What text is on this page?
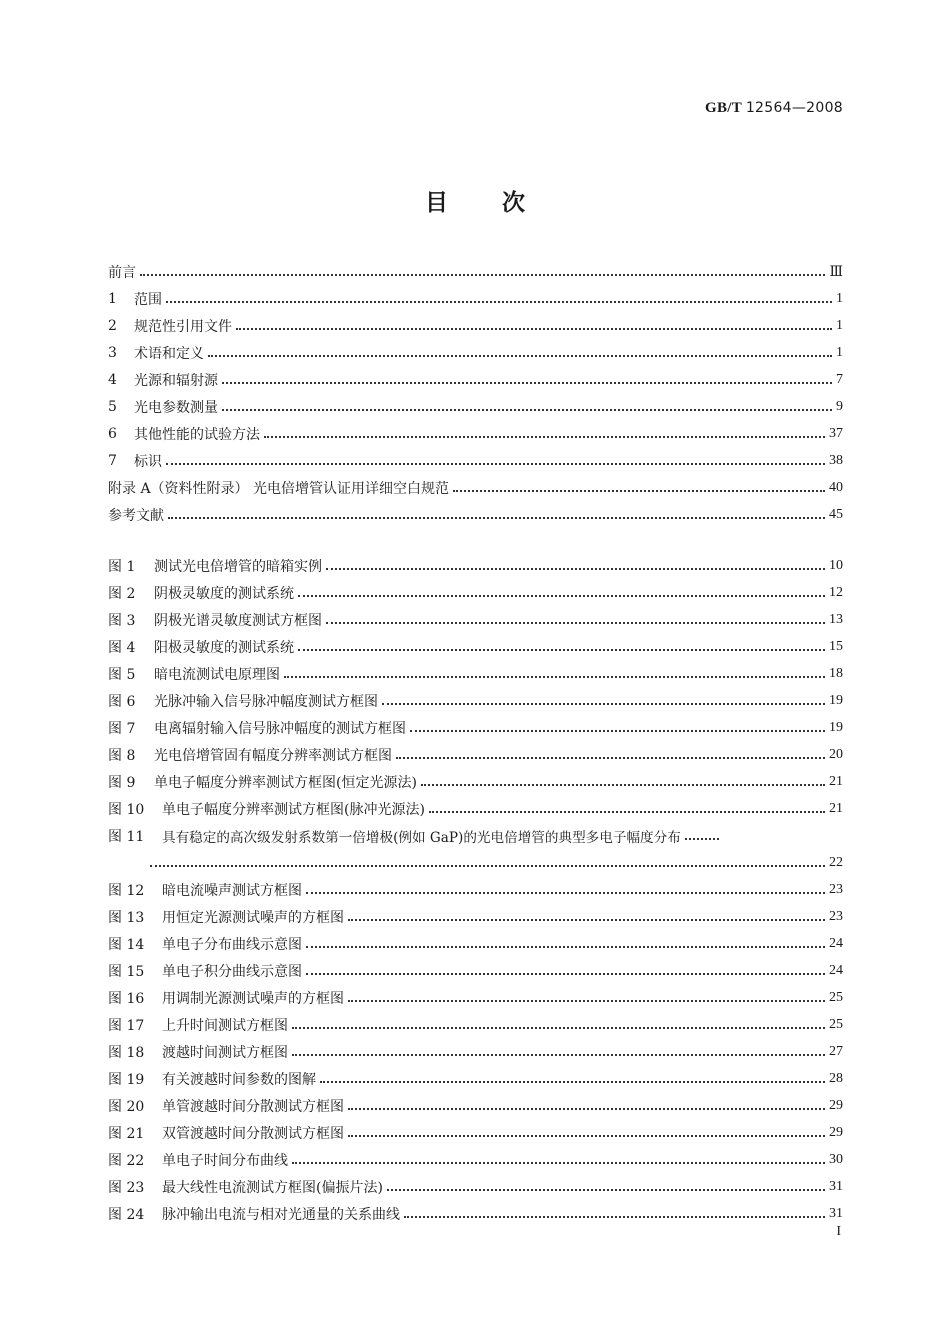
GB/T 12564—2008
目 次
前言	Ⅲ
1	范围	1
2	规范性引用文件	1
3	术语和定义	1
4	光源和辐射源	7
5	光电参数测量	9
6	其他性能的试验方法	37
7	标识	38
附录 A（资料性附录） 光电倍增管认证用详细空白规范	40
参考文献	45
图 1	测试光电倍增管的暗箱实例	10
图 2	阴极灵敏度的测试系统	12
图 3	阴极光谱灵敏度测试方框图	13
图 4	阳极灵敏度的测试系统	15
图 5	暗电流测试电原理图	18
图 6	光脉冲输入信号脉冲幅度测试方框图	19
图 7	电离辐射输入信号脉冲幅度的测试方框图	19
图 8	光电倍增管固有幅度分辨率测试方框图	20
图 9	单电子幅度分辨率测试方框图(恒定光源法)	21
图 10	单电子幅度分辨率测试方框图(脉冲光源法)	21
图 11	具有稳定的高次级发射系数第一倍增极(例如 GaP)的光电倍增管的典型多电子幅度分布
22
图 12	暗电流噪声测试方框图	23
图 13	用恒定光源测试噪声的方框图	23
图 14	单电子分布曲线示意图	24
图 15	单电子积分曲线示意图	24
图 16	用调制光源测试噪声的方框图	25
图 17	上升时间测试方框图	25
图 18	渡越时间测试方框图	27
图 19	有关渡越时间参数的图解	28
图 20	单管渡越时间分散测试方框图	29
图 21	双管渡越时间分散测试方框图	29
图 22	单电子时间分布曲线	30
图 23	最大线性电流测试方框图(偏振片法)	31
图 24	脉冲输出电流与相对光通量的关系曲线	31
I
